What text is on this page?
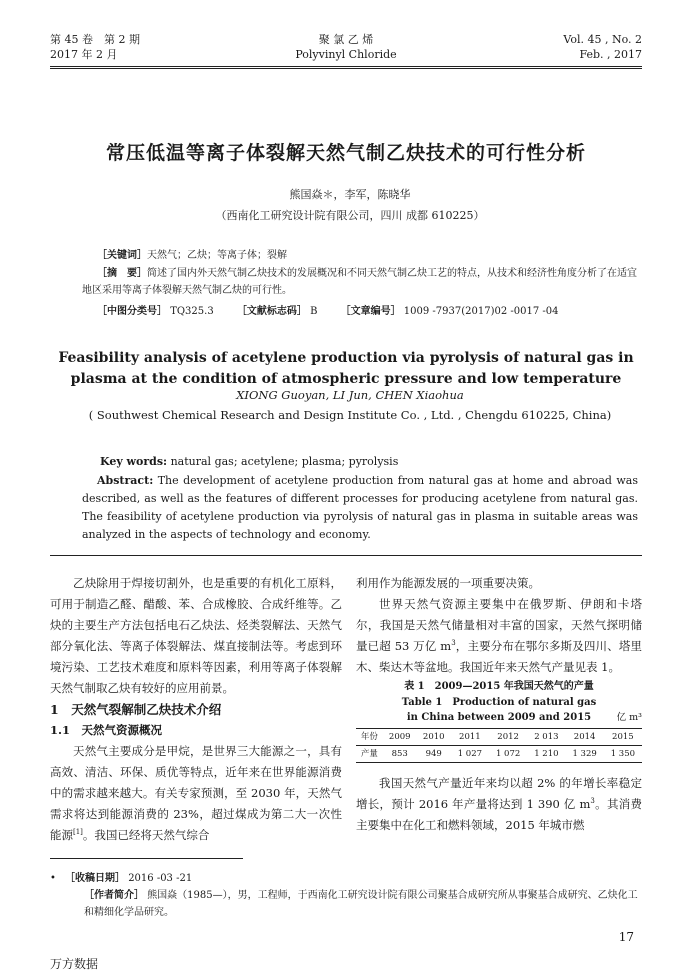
第 45 卷　第 2 期
2017 年 2 月
聚 氯 乙 烯
Polyvinyl Chloride
Vol. 45 , No. 2
Feb. , 2017
常压低温等离子体裂解天然气制乙炔技术的可行性分析
熊国焱＊，李军，陈晓华
（西南化工研究设计院有限公司，四川 成都 610225）
［关键词］天然气；乙炔；等离子体；裂解
［摘　要］简述了国内外天然气制乙炔技术的发展概况和不同天然气制乙炔工艺的特点，从技术和经济性角度分析了在适宜地区采用等离子体裂解天然气制乙炔的可行性。
［中图分类号］ TQ325.3 ［文献标志码］ B ［文章编号］ 1009 -7937(2017)02 -0017 -04
Feasibility analysis of acetylene production via pyrolysis of natural gas in plasma at the condition of atmospheric pressure and low temperature
XIONG Guoyan, LI Jun, CHEN Xiaohua
( Southwest Chemical Research and Design Institute Co. , Ltd. , Chengdu 610225, China)
Key words: natural gas; acetylene; plasma; pyrolysis
Abstract: The development of acetylene production from natural gas at home and abroad was described, as well as the features of different processes for producing acetylene from natural gas. The feasibility of acetylene production via pyrolysis of natural gas in plasma in suitable areas was analyzed in the aspects of technology and economy.

乙炔除用于焊接切割外，也是重要的有机化工原料，可用于制造乙醛、醋酸、苯、合成橡胶、合成纤维等。乙炔的主要生产方法包括电石乙炔法、烃类裂解法、天然气部分氧化法、等离子体裂解法、煤直接制法等。考虑到环境污染、工艺技术难度和原料等因素，利用等离子体裂解天然气制取乙炔有较好的应用前景。

1　天然气裂解制乙炔技术介绍
1.1　天然气资源概况

天然气主要成分是甲烷，是世界三大能源之一，具有高效、清洁、环保、质优等特点，近年来在世界能源消费中的需求越来越大。有关专家预测，至 2030 年，天然气需求将达到能源消费的 23%，超过煤成为第二大一次性能源[1]。我国已经将天然气综合

利用作为能源发展的一项重要决策。

世界天然气资源主要集中在俄罗斯、伊朗和卡塔尔，我国是天然气储量相对丰富的国家，天然气探明储量已超 53 万亿 $m^3$，主要分布在鄂尔多斯及四川、塔里木、柴达木等盆地。我国近年来天然气产量见表 1。

表 1　2009—2015 年我国天然气的产量
Table 1　Production of natural gas
in China between 2009 and 2015	亿 m³
年份	2009	2010	2011	2012	2 013	2014	2015
产量	853	949	1 027	1 072	1 210	1 329	1 350

我国天然气产量近年来均以超 2% 的年增长率稳定增长，预计 2016 年产量将达到 1 390 亿 $m^3$。其消费主要集中在化工和燃料领域，2015 年城市燃

• ［收稿日期］ 2016 -03 -21
［作者简介］ 熊国焱（1985—），男，工程师，于西南化工研究设计院有限公司聚基合成研究所从事聚基合成研究、乙炔化工和精细化学品研究。
17
万方数据
